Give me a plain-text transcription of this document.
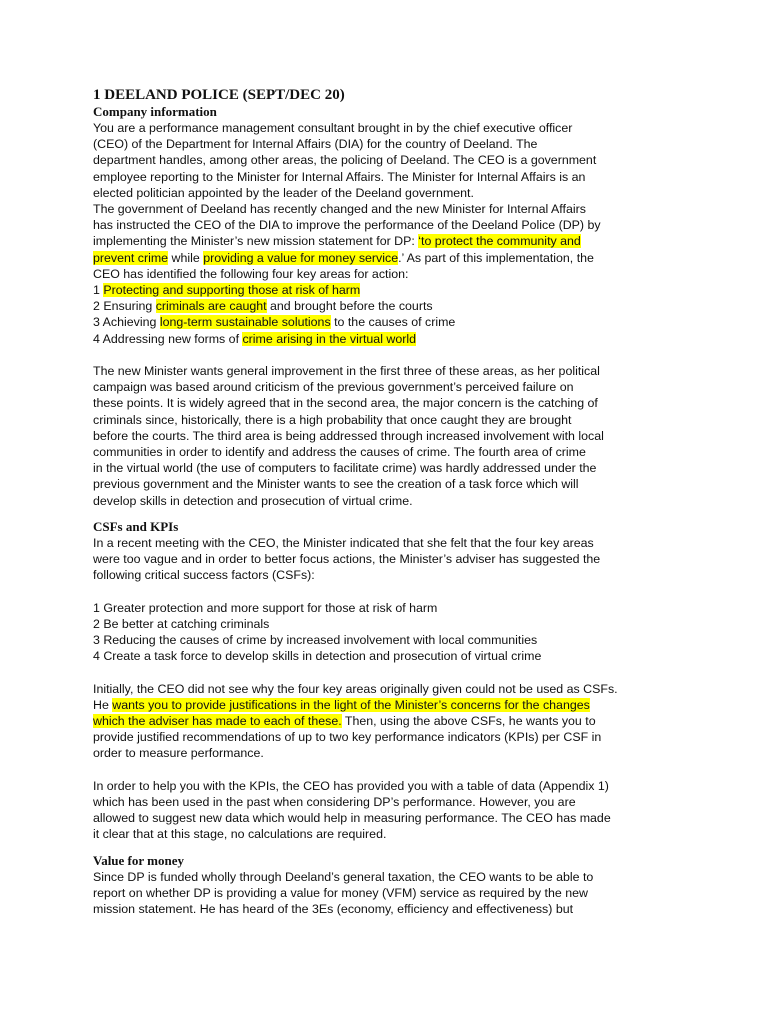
1 DEELAND POLICE (SEPT/DEC 20)
Company information
You are a performance management consultant brought in by the chief executive officer
(CEO) of the Department for Internal Affairs (DIA) for the country of Deeland. The
department handles, among other areas, the policing of Deeland. The CEO is a government
employee reporting to the Minister for Internal Affairs. The Minister for Internal Affairs is an
elected politician appointed by the leader of the Deeland government.
The government of Deeland has recently changed and the new Minister for Internal Affairs
has instructed the CEO of the DIA to improve the performance of the Deeland Police (DP) by
implementing the Minister’s new mission statement for DP: ‘to protect the community and
prevent crime while providing a value for money service.’ As part of this implementation, the
CEO has identified the following four key areas for action:
1 Protecting and supporting those at risk of harm
2 Ensuring criminals are caught and brought before the courts
3 Achieving long-term sustainable solutions to the causes of crime
4 Addressing new forms of crime arising in the virtual world
The new Minister wants general improvement in the first three of these areas, as her political
campaign was based around criticism of the previous government’s perceived failure on
these points. It is widely agreed that in the second area, the major concern is the catching of
criminals since, historically, there is a high probability that once caught they are brought
before the courts. The third area is being addressed through increased involvement with local
communities in order to identify and address the causes of crime. The fourth area of crime
in the virtual world (the use of computers to facilitate crime) was hardly addressed under the
previous government and the Minister wants to see the creation of a task force which will
develop skills in detection and prosecution of virtual crime.
CSFs and KPIs
In a recent meeting with the CEO, the Minister indicated that she felt that the four key areas
were too vague and in order to better focus actions, the Minister’s adviser has suggested the
following critical success factors (CSFs):
1 Greater protection and more support for those at risk of harm
2 Be better at catching criminals
3 Reducing the causes of crime by increased involvement with local communities
4 Create a task force to develop skills in detection and prosecution of virtual crime
Initially, the CEO did not see why the four key areas originally given could not be used as CSFs.
He wants you to provide justifications in the light of the Minister’s concerns for the changes
which the adviser has made to each of these. Then, using the above CSFs, he wants you to
provide justified recommendations of up to two key performance indicators (KPIs) per CSF in
order to measure performance.
In order to help you with the KPIs, the CEO has provided you with a table of data (Appendix 1)
which has been used in the past when considering DP’s performance. However, you are
allowed to suggest new data which would help in measuring performance. The CEO has made
it clear that at this stage, no calculations are required.
Value for money
Since DP is funded wholly through Deeland’s general taxation, the CEO wants to be able to
report on whether DP is providing a value for money (VFM) service as required by the new
mission statement. He has heard of the 3Es (economy, efficiency and effectiveness) but
